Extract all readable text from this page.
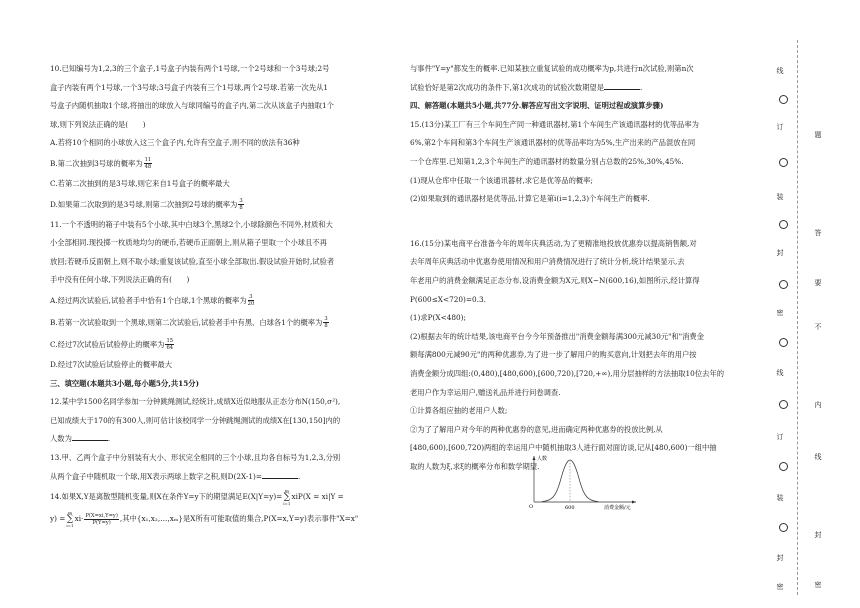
10.已知编号为1,2,3的三个盒子,1号盒子内装有两个1号球,一个2号球和一个3号球;2号
盒子内装有两个1号球,一个3号球;3号盒子内装有三个1号球,两个2号球.若第一次先从1
号盒子内随机抽取1个球,将抽出的球放入与球同编号的盒子内,第二次从该盒子内抽取1个
球,则下列说法正确的是(　　)
A.若将10个相同的小球放入这三个盒子内,允许有空盒子,则不同的放法有36种
B.第二次抽到3号球的概率为 $\frac{11}{48}$
C.若第二次抽到的是3号球,则它来自1号盒子的概率最大
D.如果第二次取到的是3号球,则第二次抽到2号球的概率为 $\frac{3}{8}$
11.一个不透明的箱子中装有5个小球,其中白球3个,黑球2个,小球除颜色不同外,材质和大
小全部相同.现投掷一枚质地均匀的硬币,若硬币正面朝上,则从箱子里取一个小球且不再
放回;若硬币反面朝上,则不取小球;重复该试验,直至小球全部取出.假设试验开始时,试验者
手中没有任何小球,下列说法正确的有(　　)
A.经过两次试验后,试验者手中恰有1个白球,1个黑球的概率为 $\frac{3}{20}$
B.若第一次试验取到一个黑球,则第二次试验后,试验者手中有黑、白球各1个的概率为 $\frac{3}{8}$
C.经过7次试验后试验停止的概率为 $\frac{15}{64}$
D.经过7次试验后试验停止的概率最大
三、填空题(本题共3小题,每小题5分,共15分)
12.某中学1500名同学参加一分钟跳绳测试,经统计,成绩X近似地服从正态分布N(150,σ²),
已知成绩大于170的有300人,则可估计该校同学一分钟跳绳测试的成绩X在[130,150]内的
人数为	.
13.甲、乙两个盒子中分别装有大小、形状完全相同的三个小球,且均各自标号为1,2,3,分别
从两个盒子中随机取一个球,用X表示两球上数字之积,则D(2X-1)=	.
14.如果X,Y是离散型随机变量,则X在条件Y=y下的期望满足E(X|Y=y)=m
∑
i=1xiP(X = xi|Y =
y) =m
∑
$i=1xi\cdot \frac{P(X=xi,Y=y)}{P(Y=y)}$ ,其中{x₁,x₂,…,xₘ}是X所有可能取值的集合,P(X=x,Y=y)表示事件"X=x"
与事件"Y=y"都发生的概率.已知某独立重复试验的成功概率为p,共进行n次试验,则第n次
试验恰好是第2次成功的条件下,第1次成功的试验次数期望是	.
四、解答题(本题共5小题,共77分.解答应写出文字说明、证明过程或演算步骤)
15.(13分)某工厂有三个车间生产同一种通讯器材,第1个车间生产该通讯器材的优等品率为
6%,第2个车间和第3个车间生产该通讯器材的优等品率均为5%,生产出来的产品混放在同
一个仓库里.已知第1,2,3个车间生产的通讯器材的数量分别占总数的25%,30%,45%.
(1)现从仓库中任取一个该通讯器材,求它是优等品的概率;
(2)如果取到的通讯器材是优等品,计算它是第i(i=1,2,3)个车间生产的概率.
16.(15分)某电商平台准备今年的周年庆典活动,为了更精准地投放优惠券以提高销售额,对
去年周年庆典活动中优惠券使用情况和用户消费情况进行了统计分析,统计结果显示,去
年老用户的消费金额满足正态分布,设消费金额为X元,则X~N(600,16),如图所示,经计算得
P(600≤X<720)=0.3.
(1)求P(X<480);
(2)根据去年的统计结果,该电商平台今今年预备推出"消费金额每满300元减30元"和"消费金
额每满800元减90元"的两种优惠券,为了进一步了解用户的购买意向,计划把去年的用户按
消费金额分成四组:(0,480),[480,600),[600,720),[720,+∞),用分层抽样的方法抽取10位去年的
老用户作为幸运用户,赠送礼品并进行问卷调查.
①计算各组应抽的老用户人数;
②为了了解用户对今年的两种优惠券的意见,进而确定两种优惠券的投放比例,从
[480,600),[600,720)两组的幸运用户中随机抽取3人进行面对面访谈,记从[480,600)一组中抽
取的人数为ξ,求ξ的概率分布和数学期望.
人数
O	600	消费金额/元
线
订
装
封
密
线
订
装
封
密
题
答
要
不
内
线
封
密
